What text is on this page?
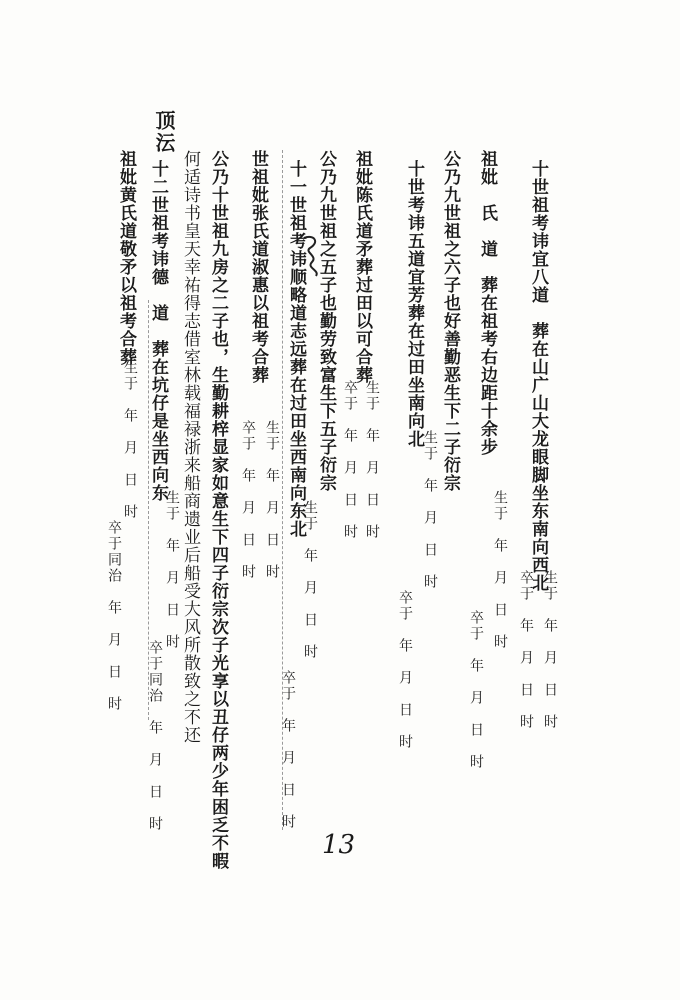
顶沄
十世祖考讳宜八道　葬在山广山大龙眼脚坐东南向西北
生于　年　月　日　时
卒于　年　月　日　时
祖妣　氏　道　葬在祖考右边距十余步
生于　年　月　日　时
卒于　年　月　日　时
公乃九世祖之六子也好善勤恶生下二子衍宗
生于　年　月　日　时
十世考讳五道宜芳葬在过田坐南向北
卒于　年　月　日　时
祖妣陈氏道矛葬过田以可合葬
生于　年　月　日　时
卒于　年　月　日　时
公乃九世祖之五子也勤劳致富生下五子衍宗
十一世祖考讳顺略道志远葬在过田坐西南向东北
生于　年　月　日　时
卒于　年　月　日　时
世祖妣张氏道淑惠以祖考合葬
生于　年　月　日　时
卒于　年　月　日　时
公乃十世祖九房之二子也，生勤耕梓显家如意生下四子衍宗次子光享以丑仔两少年困乏不暇
何适诗书皇天幸祐得志借室林载福禄浙来船商遗业后船受大风所散致之不还
十二世祖考讳德　道　葬在坑仔是坐西向东
生于　年　月　日　时
卒于同治　年　月　日　时
祖妣黄氏道敬矛以祖考合葬
生于　年　月　日　时
卒于同治　年　月　日　时
13
